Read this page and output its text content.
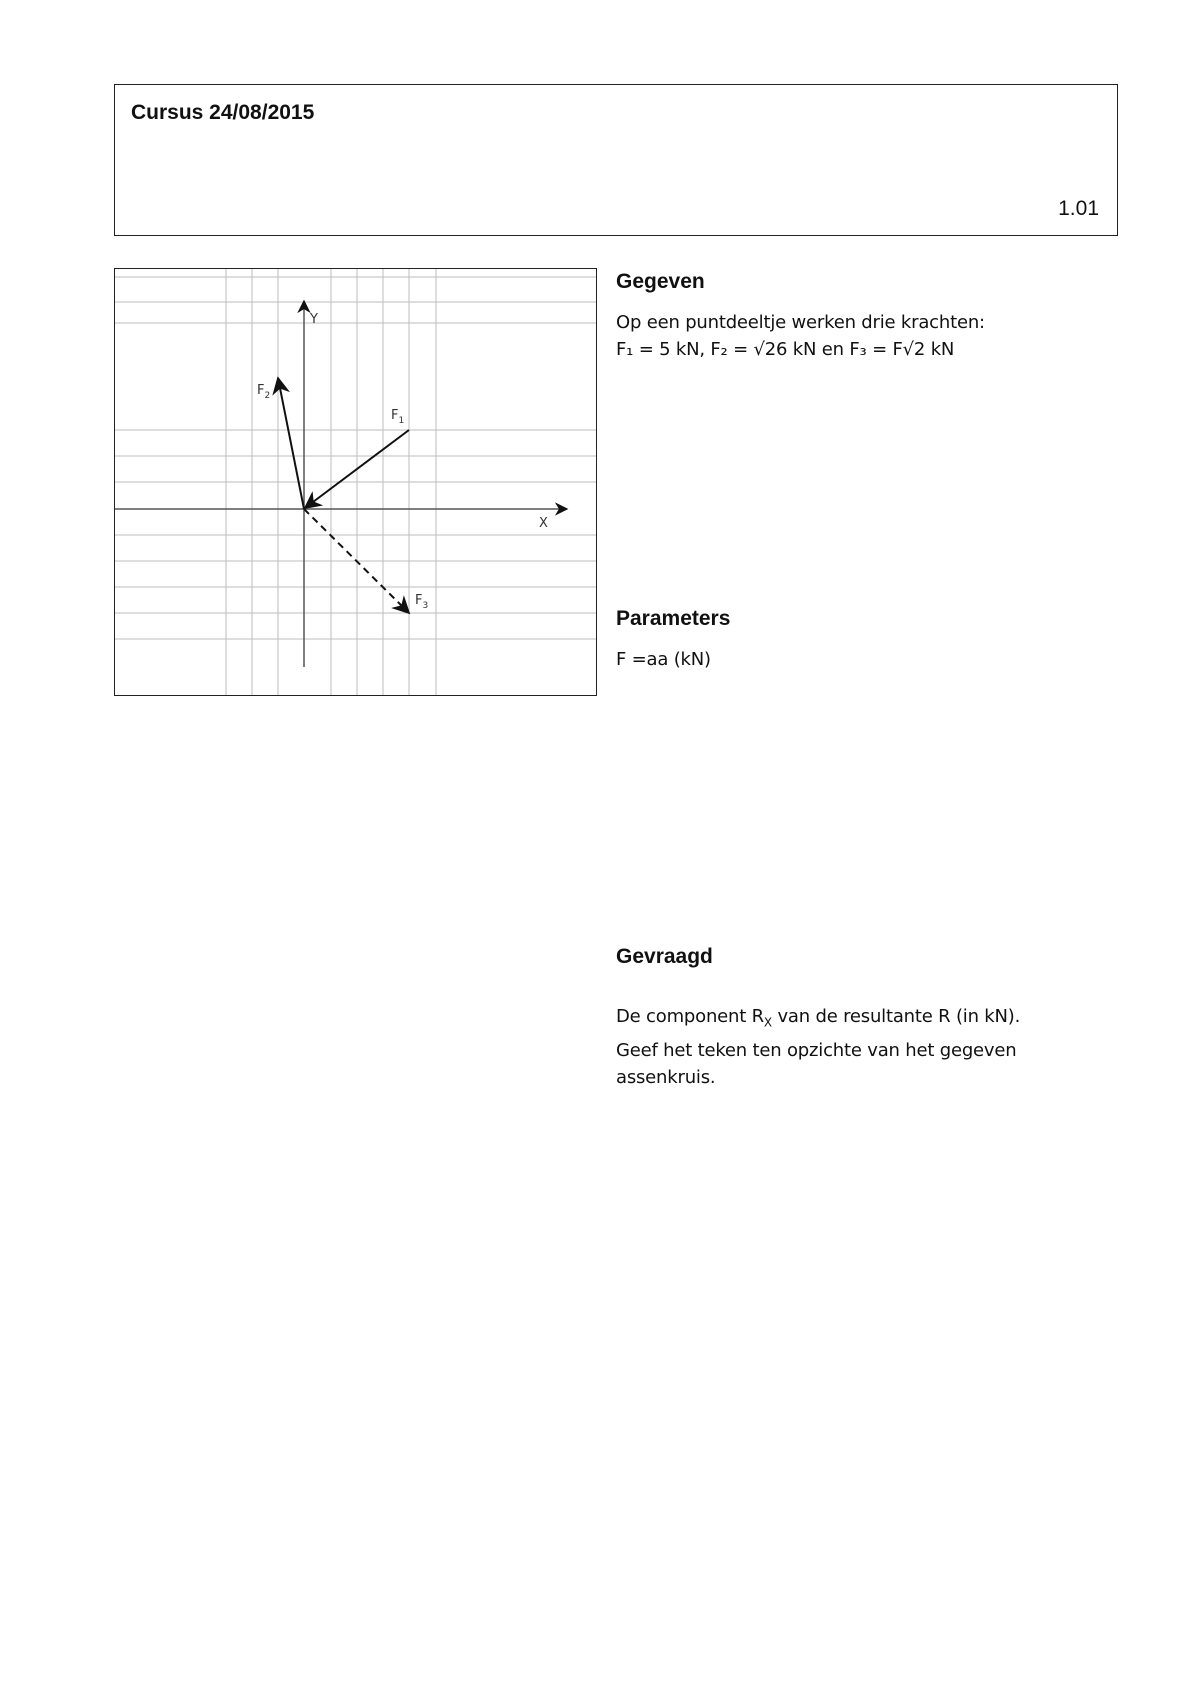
Cursus 24/08/2015
1.01
X
Y
$F_1$
$F_2$
$F_3$
Gegeven
Op een puntdeeltje werken drie krachten:
F₁ = 5 kN, F₂ = √26 kN en F₃ = F√2 kN
Parameters
F =aa (kN)
Gevraagd
De component $R_X$ van de resultante R (in kN).
Geef het teken ten opzichte van het gegeven
assenkruis.
